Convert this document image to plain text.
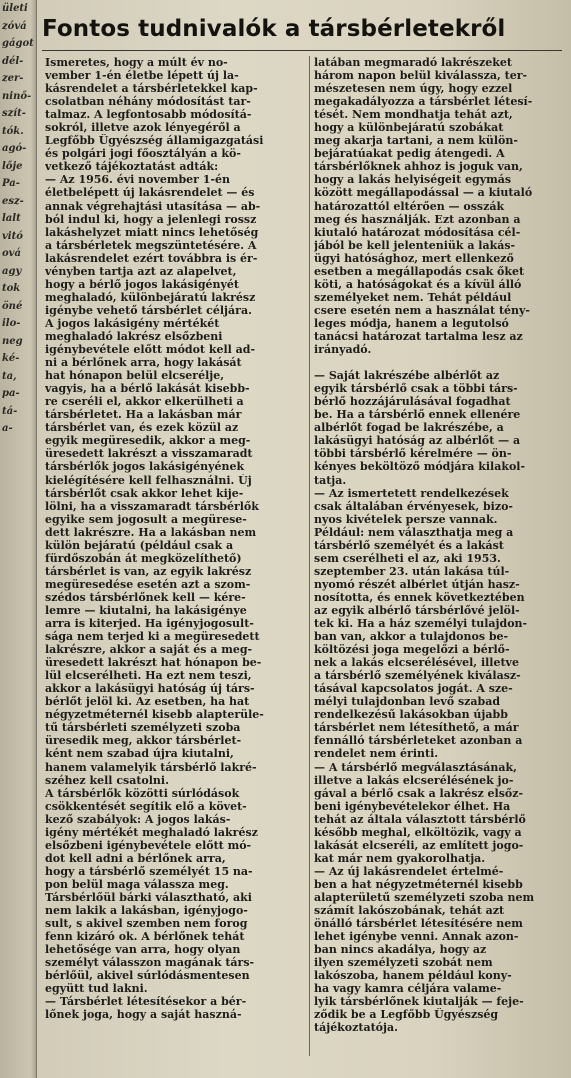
ületi
zóvá
gágot
dél-
zer-
ninő-
szít-
tók.
agó-
lője
Pa-
esz-
lalt
vitó
ová
agy
tok
öné
ilo-
neg
ké-
ta,
pa-
tá-
a-
Fontos tudnivalók a társbérletekről
Ismeretes, hogy a múlt év no-
vember 1-én életbe lépett új la-
kásrendelet a társbérletekkel kap-
csolatban néhány módosítást tar-
talmaz. A legfontosabb módosítá-
sokról, illetve azok lényegéről a
Legfőbb Ügyészség államigazgatási
és polgári jogi főosztályán a kö-
vetkező tájékoztatást adták:
— Az 1956. évi november 1-én
életbelépett új lakásrendelet — és
annak végrehajtási utasítása — ab-
ból indul ki, hogy a jelenlegi rossz
lakáshelyzet miatt nincs lehetőség
a társbérletek megszüntetésére. A
lakásrendelet ezért továbbra is ér-
vényben tartja azt az alapelvet,
hogy a bérlő jogos lakásigényét
meghaladó, különbejáratú lakrész
igénybe vehető társbérlet céljára.
A jogos lakásigény mértékét
meghaladó lakrész elsőzbeni
igénybevétele előtt módot kell ad-
ni a bérlőnek arra, hogy lakását
hat hónapon belül elcserélje,
vagyis, ha a bérlő lakását kisebb-
re cseréli el, akkor elkerülheti a
társbérletet. Ha a lakásban már
társbérlet van, és ezek közül az
egyik megüresedik, akkor a meg-
üresedett lakrészt a visszamaradt
társbérlők jogos lakásigényének
kielégítésére kell felhasználni. Új
társbérlőt csak akkor lehet kije-
lölni, ha a visszamaradt társbérlők
egyike sem jogosult a megürese-
dett lakrészre. Ha a lakásban nem
külön bejáratú (például csak a
fürdőszobán át megközelíthető)
társbérlet is van, az egyik lakrész
megüresedése esetén azt a szom-
szédos társbérlőnek kell — kére-
lemre — kiutalni, ha lakásigénye
arra is kiterjed. Ha igényjogosult-
sága nem terjed ki a megüresedett
lakrészre, akkor a saját és a meg-
üresedett lakrészt hat hónapon be-
lül elcserélheti. Ha ezt nem teszi,
akkor a lakásügyi hatóság új társ-
bérlőt jelöl ki. Az esetben, ha hat
négyzetméternél kisebb alapterüle-
tű társbérleti személyzeti szoba
üresedik meg, akkor társbérlet-
ként nem szabad újra kiutalni,
hanem valamelyik társbérlő lakré-
széhez kell csatolni.
A társbérlők közötti súrlódások
csökkentését segítik elő a követ-
kező szabályok: A jogos lakás-
igény mértékét meghaladó lakrész
elsőzbeni igénybevétele előtt mó-
dot kell adni a bérlőnek arra,
hogy a társbérlő személyét 15 na-
pon belül maga válassza meg.
Társbérlőül bárki választható, aki
nem lakik a lakásban, igényjogo-
sult, s akivel szemben nem forog
fenn kizáró ok. A bérlőnek tehát
lehetősége van arra, hogy olyan
személyt válasszon magának társ-
bérlőül, akivel súrlódásmentesen
együtt tud lakni.
— Társbérlet létesítésekor a bér-
lőnek joga, hogy a saját haszná-
latában megmaradó lakrészeket
három napon belül kiválassza, ter-
mészetesen nem úgy, hogy ezzel
megakadályozza a társbérlet létesí-
tését. Nem mondhatja tehát azt,
hogy a különbejáratú szobákat
meg akarja tartani, a nem külön-
bejáratúakat pedig átengedi. A
társbérlőknek ahhoz is joguk van,
hogy a lakás helyiségeit egymás
között megállapodással — a kiutaló
határozattól eltérően — osszák
meg és használják. Ezt azonban a
kiutaló határozat módosítása cél-
jából be kell jelenteniük a lakás-
ügyi hatósághoz, mert ellenkező
esetben a megállapodás csak őket
köti, a hatóságokat és a kívül álló
személyeket nem. Tehát például
csere esetén nem a használat tény-
leges módja, hanem a legutolsó
tanácsi határozat tartalma lesz az
irányadó.
— Saját lakrészébe albérlőt az
egyik társbérlő csak a többi társ-
bérlő hozzájárulásával fogadhat
be. Ha a társbérlő ennek ellenére
albérlőt fogad be lakrészébe, a
lakásügyi hatóság az albérlőt — a
többi társbérlő kérelmére — ön-
kényes beköltöző módjára kilakol-
tatja.
— Az ismertetett rendelkezések
csak általában érvényesek, bizo-
nyos kivételek persze vannak.
Például: nem választhatja meg a
társbérlő személyét és a lakást
sem cserélheti el az, aki 1953.
szeptember 23. után lakása túl-
nyomó részét albérlet útján hasz-
nosította, és ennek következtében
az egyik albérlő társbérlővé jelöl-
tek ki. Ha a ház személyi tulajdon-
ban van, akkor a tulajdonos be-
költözési joga megelőzi a bérlő-
nek a lakás elcserélésével, illetve
a társbérlő személyének kiválasz-
tásával kapcsolatos jogát. A sze-
mélyi tulajdonban levő szabad
rendelkezésű lakásokban újabb
társbérlet nem létesíthető, a már
fennálló társbérleteket azonban a
rendelet nem érinti.
— A társbérlő megválasztásának,
illetve a lakás elcserélésének jo-
gával a bérlő csak a lakrész elsőz-
beni igénybevételekor élhet. Ha
tehát az általa választott társbérlő
később meghal, elköltözik, vagy a
lakását elcseréli, az említett jogo-
kat már nem gyakorolhatja.
— Az új lakásrendelet értelmé-
ben a hat négyzetméternél kisebb
alapterületű személyzeti szoba nem
számít lakószobának, tehát azt
önálló társbérlet létesítésére nem
lehet igénybe venni. Annak azon-
ban nincs akadálya, hogy az
ilyen személyzeti szobát nem
lakószoba, hanem például kony-
ha vagy kamra céljára valame-
lyik társbérlőnek kiutalják — feje-
ződik be a Legfőbb Ügyészség
tájékoztatója.
